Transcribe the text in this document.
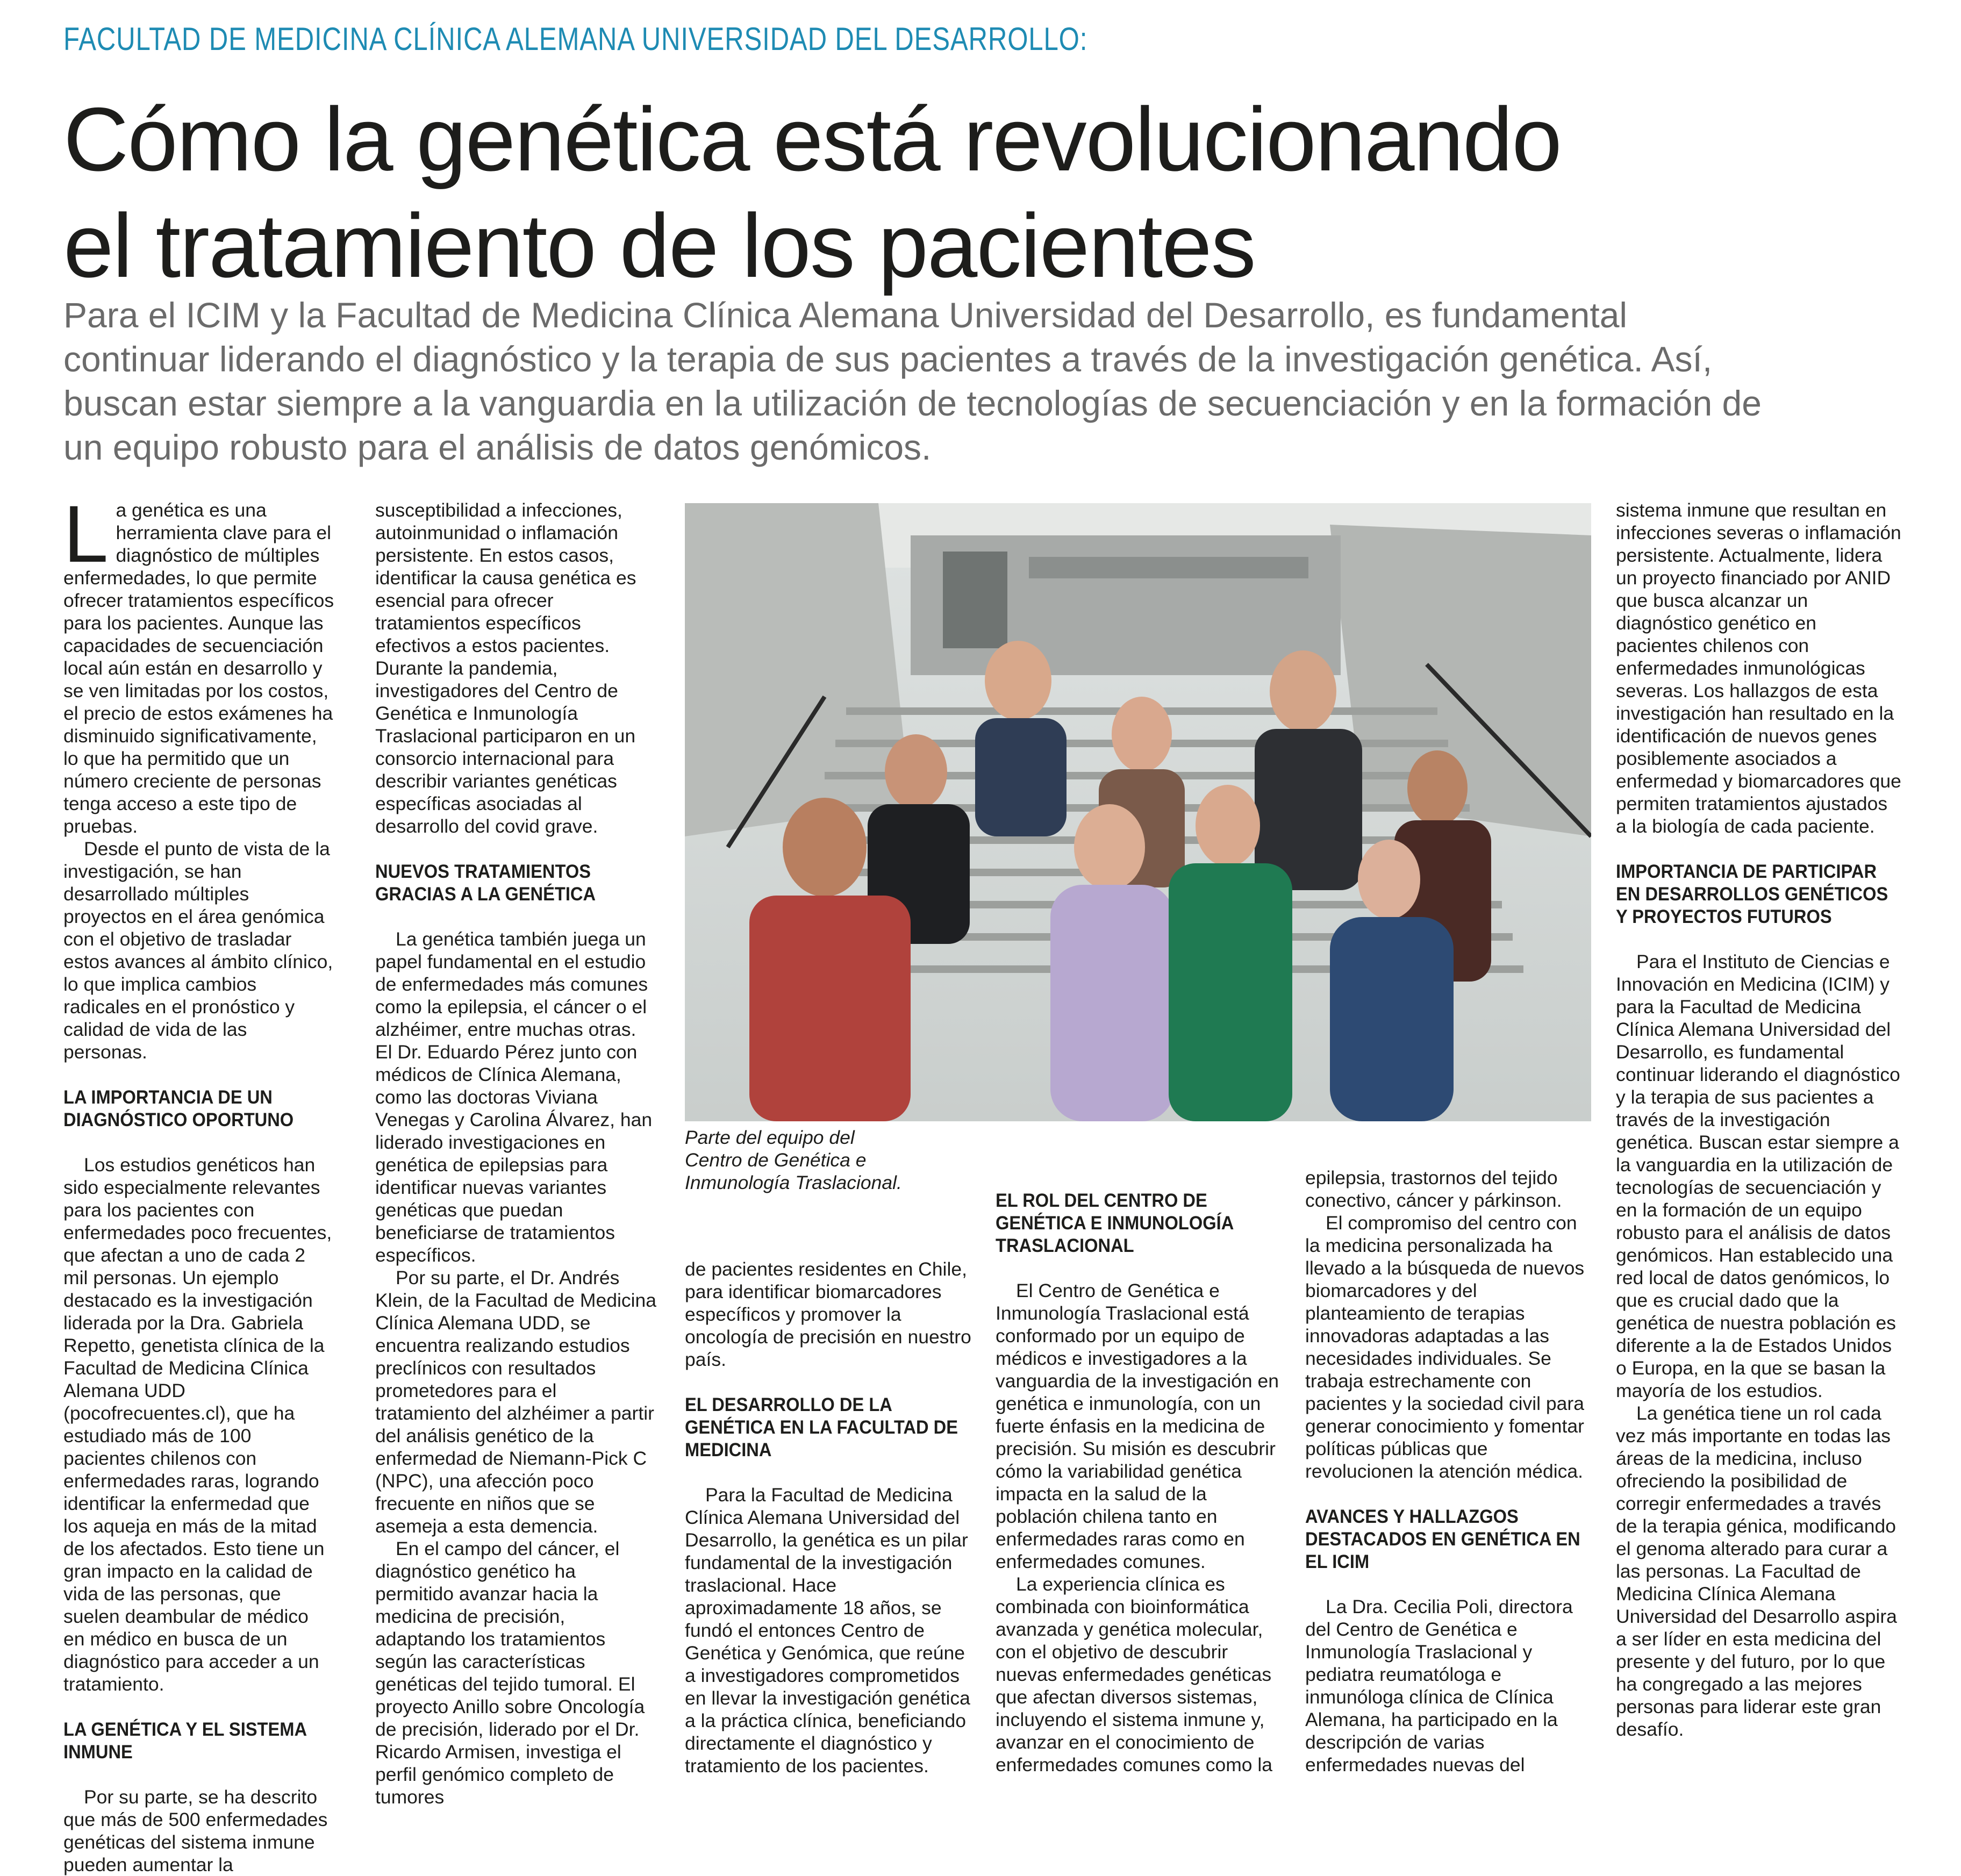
FACULTAD DE MEDICINA CLÍNICA ALEMANA UNIVERSIDAD DEL DESARROLLO:
Cómo la genética está revolucionando
el tratamiento de los pacientes
Para el ICIM y la Facultad de Medicina Clínica Alemana Universidad del Desarrollo, es fundamental
continuar liderando el diagnóstico y la terapia de sus pacientes a través de la investigación genética. Así,
buscan estar siempre a la vanguardia en la utilización de tecnologías de secuenciación y en la formación de
un equipo robusto para el análisis de datos genómicos.

La genética es una herramienta clave para el diagnóstico de múltiples enfermedades, lo que permite ofrecer tratamientos específicos para los pacientes. Aunque las capacidades de secuenciación local aún están en desarrollo y se ven limitadas por los costos, el precio de estos exámenes ha disminuido significativamente, lo que ha permitido que un número creciente de personas tenga acceso a este tipo de pruebas.

Desde el punto de vista de la investigación, se han desarrollado múltiples proyectos en el área genómica con el objetivo de trasladar estos avances al ámbito clínico, lo que implica cambios radicales en el pronóstico y calidad de vida de las personas.

LA IMPORTANCIA DE UN DIAGNÓSTICO OPORTUNO

Los estudios genéticos han sido especialmente relevantes para los pacientes con enfermedades poco frecuentes, que afectan a uno de cada 2 mil personas. Un ejemplo destacado es la investigación liderada por la Dra. Gabriela Repetto, genetista clínica de la Facultad de Medicina Clínica Alemana UDD (pocofrecuentes.cl), que ha estudiado más de 100 pacientes chilenos con enfermedades raras, logrando identificar la enfermedad que los aqueja en más de la mitad de los afectados. Esto tiene un gran impacto en la calidad de vida de las personas, que suelen deambular de médico en médico en busca de un diagnóstico para acceder a un tratamiento.

LA GENÉTICA Y EL SISTEMA INMUNE

Por su parte, se ha descrito que más de 500 enfermedades genéticas del sistema inmune pueden aumentar la

susceptibilidad a infecciones, autoinmunidad o inflamación persistente. En estos casos, identificar la causa genética es esencial para ofrecer tratamientos específicos efectivos a estos pacientes. Durante la pandemia, investigadores del Centro de Genética e Inmunología Traslacional participaron en un consorcio internacional para describir variantes genéticas específicas asociadas al desarrollo del covid grave.

NUEVOS TRATAMIENTOS GRACIAS A LA GENÉTICA

La genética también juega un papel fundamental en el estudio de enfermedades más comunes como la epilepsia, el cáncer o el alzhéimer, entre muchas otras. El Dr. Eduardo Pérez junto con médicos de Clínica Alemana, como las doctoras Viviana Venegas y Carolina Álvarez, han liderado investigaciones en genética de epilepsias para identificar nuevas variantes genéticas que puedan beneficiarse de tratamientos específicos.

Por su parte, el Dr. Andrés Klein, de la Facultad de Medicina Clínica Alemana UDD, se encuentra realizando estudios preclínicos con resultados prometedores para el tratamiento del alzhéimer a partir del análisis genético de la enfermedad de Niemann-Pick C (NPC), una afección poco frecuente en niños que se asemeja a esta demencia.

En el campo del cáncer, el diagnóstico genético ha permitido avanzar hacia la medicina de precisión, adaptando los tratamientos según las características genéticas del tejido tumoral. El proyecto Anillo sobre Oncología de precisión, liderado por el Dr. Ricardo Armisen, investiga el perfil genómico completo de tumores

Parte del equipo del
Centro de Genética e
Inmunología Traslacional.

de pacientes residentes en Chile, para identificar biomarcadores específicos y promover la oncología de precisión en nuestro país.

EL DESARROLLO DE LA GENÉTICA EN LA FACULTAD DE MEDICINA

Para la Facultad de Medicina Clínica Alemana Universidad del Desarrollo, la genética es un pilar fundamental de la investigación traslacional. Hace aproximadamente 18 años, se fundó el entonces Centro de Genética y Genómica, que reúne a investigadores comprometidos en llevar la investigación genética a la práctica clínica, beneficiando directamente el diagnóstico y tratamiento de los pacientes.

EL ROL DEL CENTRO DE GENÉTICA E INMUNOLOGÍA TRASLACIONAL

El Centro de Genética e Inmunología Traslacional está conformado por un equipo de médicos e investigadores a la vanguardia de la investigación en genética e inmunología, con un fuerte énfasis en la medicina de precisión. Su misión es descubrir cómo la variabilidad genética impacta en la salud de la población chilena tanto en enfermedades raras como en enfermedades comunes.

La experiencia clínica es combinada con bioinformática avanzada y genética molecular, con el objetivo de descubrir nuevas enfermedades genéticas que afectan diversos sistemas, incluyendo el sistema inmune y, avanzar en el conocimiento de enfermedades comunes como la

epilepsia, trastornos del tejido conectivo, cáncer y párkinson.

El compromiso del centro con la medicina personalizada ha llevado a la búsqueda de nuevos biomarcadores y del planteamiento de terapias innovadoras adaptadas a las necesidades individuales. Se trabaja estrechamente con pacientes y la sociedad civil para generar conocimiento y fomentar políticas públicas que revolucionen la atención médica.

AVANCES Y HALLAZGOS DESTACADOS EN GENÉTICA EN EL ICIM

La Dra. Cecilia Poli, directora del Centro de Genética e Inmunología Traslacional y pediatra reumatóloga e inmunóloga clínica de Clínica Alemana, ha participado en la descripción de varias enfermedades nuevas del

sistema inmune que resultan en infecciones severas o inflamación persistente. Actualmente, lidera un proyecto financiado por ANID que busca alcanzar un diagnóstico genético en pacientes chilenos con enfermedades inmunológicas severas. Los hallazgos de esta investigación han resultado en la identificación de nuevos genes posiblemente asociados a enfermedad y biomarcadores que permiten tratamientos ajustados a la biología de cada paciente.

IMPORTANCIA DE PARTICIPAR EN DESARROLLOS GENÉTICOS Y PROYECTOS FUTUROS

Para el Instituto de Ciencias e Innovación en Medicina (ICIM) y para la Facultad de Medicina Clínica Alemana Universidad del Desarrollo, es fundamental continuar liderando el diagnóstico y la terapia de sus pacientes a través de la investigación genética. Buscan estar siempre a la vanguardia en la utilización de tecnologías de secuenciación y en la formación de un equipo robusto para el análisis de datos genómicos. Han establecido una red local de datos genómicos, lo que es crucial dado que la genética de nuestra población es diferente a la de Estados Unidos o Europa, en la que se basan la mayoría de los estudios.

La genética tiene un rol cada vez más importante en todas las áreas de la medicina, incluso ofreciendo la posibilidad de corregir enfermedades a través de la terapia génica, modificando el genoma alterado para curar a las personas. La Facultad de Medicina Clínica Alemana Universidad del Desarrollo aspira a ser líder en esta medicina del presente y del futuro, por lo que ha congregado a las mejores personas para liderar este gran desafío.
